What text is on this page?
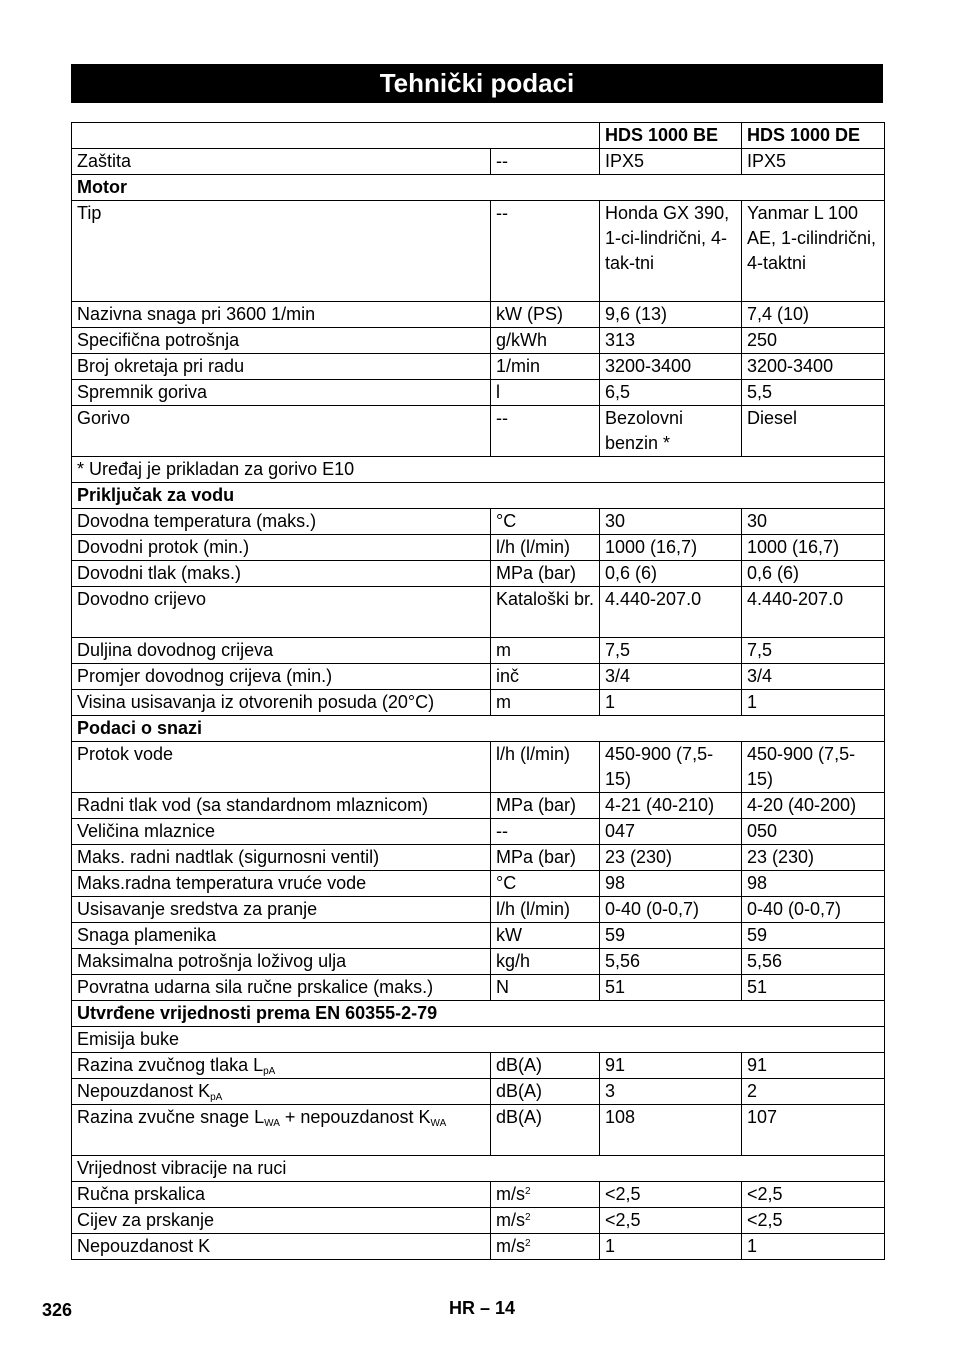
Tehnički podaci
		HDS 1000 BE	HDS 1000 DE
Zaštita	--	IPX5	IPX5
Motor			
Tip	--	Honda GX 390, 1-ci-lindrični, 4-tak-tni	Yanmar L 100 AE, 1-cilindrični, 4-taktni
Nazivna snaga pri 3600 1/min	kW (PS)	9,6 (13)	7,4 (10)
Specifična potrošnja	g/kWh	313	250
Broj okretaja pri radu	1/min	3200-3400	3200-3400
Spremnik goriva	l	6,5	5,5
Gorivo	--	Bezolovni benzin *	Diesel
* Uređaj je prikladan za gorivo E10			
Priključak za vodu			
Dovodna temperatura (maks.)	°C	30	30
Dovodni protok (min.)	l/h (l/min)	1000 (16,7)	1000 (16,7)
Dovodni tlak (maks.)	MPa (bar)	0,6 (6)	0,6 (6)
Dovodno crijevo	Kataloški br.	4.440-207.0	4.440-207.0
Duljina dovodnog crijeva	m	7,5	7,5
Promjer dovodnog crijeva (min.)	inč	3/4	3/4
Visina usisavanja iz otvorenih posuda (20°C)	m	1	1
Podaci o snazi			
Protok vode	l/h (l/min)	450-900 (7,5-15)	450-900 (7,5-15)
Radni tlak vod (sa standardnom mlaznicom)	MPa (bar)	4-21 (40-210)	4-20 (40-200)
Veličina mlaznice	--	047	050
Maks. radni nadtlak (sigurnosni ventil)	MPa (bar)	23 (230)	23 (230)
Maks.radna temperatura vruće vode	°C	98	98
Usisavanje sredstva za pranje	l/h (l/min)	0-40 (0-0,7)	0-40 (0-0,7)
Snaga plamenika	kW	59	59
Maksimalna potrošnja loživog ulja	kg/h	5,56	5,56
Povratna udarna sila ručne prskalice (maks.)	N	51	51
Utvrđene vrijednosti prema EN 60355-2-79			
Emisija buke			
Razina zvučnog tlaka $L_{pA}$	dB(A)	91	91
Nepouzdanost $K_{pA}$	dB(A)	3	2
Razina zvučne snage $L_{WA}$ + nepouzdanost $K_{WA}$	dB(A)	108	107
Vrijednost vibracije na ruci			
Ručna prskalica	$m/s^2$	<2,5	<2,5
Cijev za prskanje	$m/s^2$	<2,5	<2,5
Nepouzdanost K	$m/s^2$	1	1
326	HR – 14
